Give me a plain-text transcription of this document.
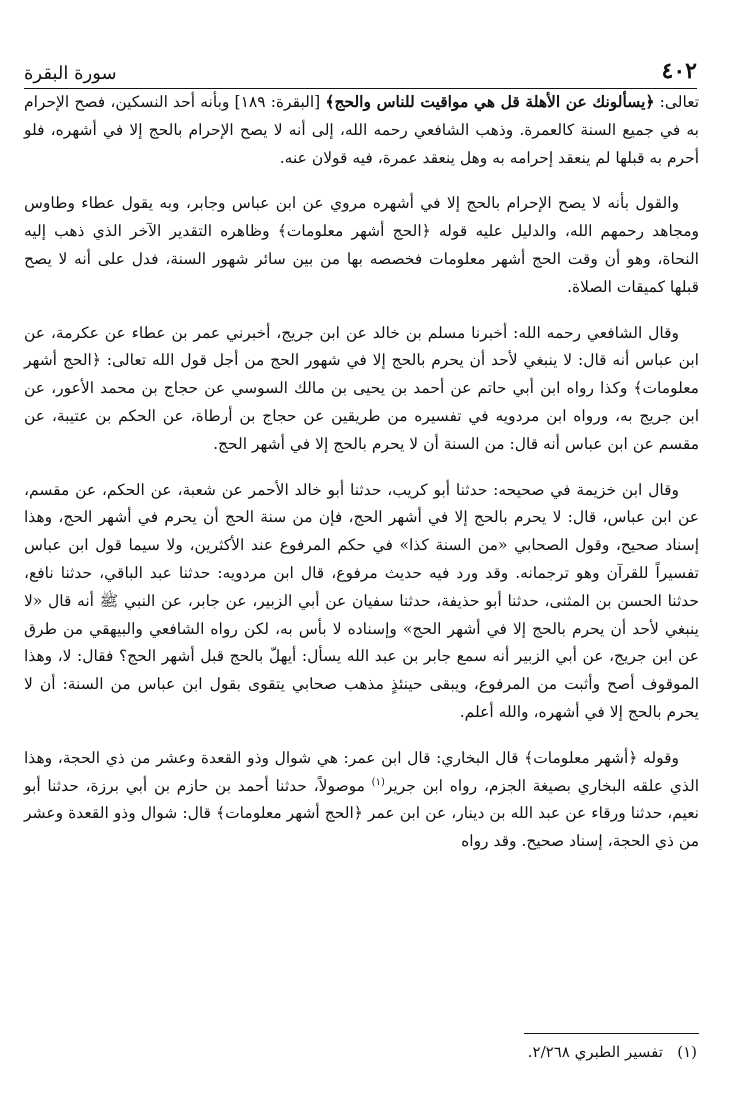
٤٠٢
سورة البقرة

تعالى: ﴿يسألونك عن الأهلة قل هي مواقيت للناس والحج﴾ [البقرة: ١٨٩] وبأنه أحد النسكين، فصح الإحرام به في جميع السنة كالعمرة. وذهب الشافعي رحمه الله، إلى أنه لا يصح الإحرام بالحج إلا في أشهره، فلو أحرم به قبلها لم ينعقد إحرامه به وهل ينعقد عمرة، فيه قولان عنه.

والقول بأنه لا يصح الإحرام بالحج إلا في أشهره مروي عن ابن عباس وجابر، وبه يقول عطاء وطاوس ومجاهد رحمهم الله، والدليل عليه قوله ﴿الحج أشهر معلومات﴾ وظاهره التقدير الآخر الذي ذهب إليه النحاة، وهو أن وقت الحج أشهر معلومات فخصصه بها من بين سائر شهور السنة، فدل على أنه لا يصح قبلها كميقات الصلاة.

وقال الشافعي رحمه الله: أخبرنا مسلم بن خالد عن ابن جريج، أخبرني عمر بن عطاء عن عكرمة، عن ابن عباس أنه قال: لا ينبغي لأحد أن يحرم بالحج إلا في شهور الحج من أجل قول الله تعالى: ﴿الحج أشهر معلومات﴾ وكذا رواه ابن أبي حاتم عن أحمد بن يحيى بن مالك السوسي عن حجاج بن محمد الأعور، عن ابن جريج به، ورواه ابن مردويه في تفسيره من طريقين عن حجاج بن أرطاة، عن الحكم بن عتيبة، عن مقسم عن ابن عباس أنه قال: من السنة أن لا يحرم بالحج إلا في أشهر الحج.

وقال ابن خزيمة في صحيحه: حدثنا أبو كريب، حدثنا أبو خالد الأحمر عن شعبة، عن الحكم، عن مقسم، عن ابن عباس، قال: لا يحرم بالحج إلا في أشهر الحج، فإن من سنة الحج أن يحرم في أشهر الحج، وهذا إسناد صحيح، وقول الصحابي «من السنة كذا» في حكم المرفوع عند الأكثرين، ولا سيما قول ابن عباس تفسيراً للقرآن وهو ترجمانه. وقد ورد فيه حديث مرفوع، قال ابن مردويه: حدثنا عبد الباقي، حدثنا نافع، حدثنا الحسن بن المثنى، حدثنا أبو حذيفة، حدثنا سفيان عن أبي الزبير، عن جابر، عن النبي ﷺ أنه قال «لا ينبغي لأحد أن يحرم بالحج إلا في أشهر الحج» وإسناده لا بأس به، لكن رواه الشافعي والبيهقي من طرق عن ابن جريج، عن أبي الزبير أنه سمع جابر بن عبد الله يسأل: أيهلّ بالحج قبل أشهر الحج؟ فقال: لا، وهذا الموقوف أصح وأثبت من المرفوع، ويبقى حينئذٍ مذهب صحابي يتقوى بقول ابن عباس من السنة: أن لا يحرم بالحج إلا في أشهره، والله أعلم.

وقوله ﴿أشهر معلومات﴾ قال البخاري: قال ابن عمر: هي شوال وذو القعدة وعشر من ذي الحجة، وهذا الذي علقه البخاري بصيغة الجزم، رواه ابن جرير$^{(١)}$ موصولاً، حدثنا أحمد بن حازم بن أبي برزة، حدثنا أبو نعيم، حدثنا ورقاء عن عبد الله بن دينار، عن ابن عمر ﴿الحج أشهر معلومات﴾ قال: شوال وذو القعدة وعشر من ذي الحجة، إسناد صحيح. وقد رواه

(١)   تفسير الطبري ٢/٢٦٨.
